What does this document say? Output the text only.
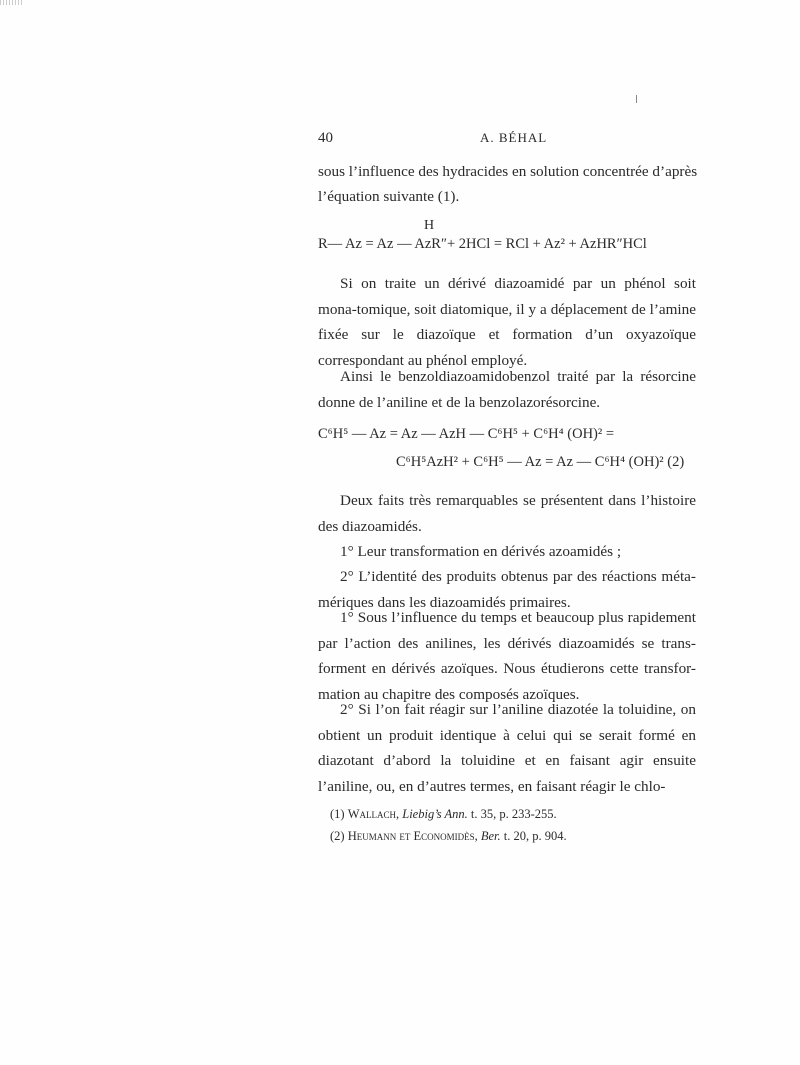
40	A. BÉHAL

sous l’influence des hydracides en solution concentrée d’après

l’équation suivante (1).

H
R— Az = Az — AzR″+ 2HCl = RCl + Az² + AzHR″HCl

Si on traite un dérivé diazoamidé par un phénol soit mona-tomique, soit diatomique, il y a déplacement de l’amine fixée sur le diazoïque et formation d’un oxyazoïque correspondant au phénol employé.

Ainsi le benzoldiazoamidobenzol traité par la résorcine donne de l’aniline et de la benzolazorésorcine.

C⁶H⁵ — Az = Az — AzH — C⁶H⁵ + C⁶H⁴ (OH)² =
C⁶H⁵AzH² + C⁶H⁵ — Az = Az — C⁶H⁴ (OH)² (2)

Deux faits très remarquables se présentent dans l’histoire des diazoamidés.

1° Leur transformation en dérivés azoamidés ;

2° L’identité des produits obtenus par des réactions méta-mériques dans les diazoamidés primaires.

1° Sous l’influence du temps et beaucoup plus rapidement par l’action des anilines, les dérivés diazoamidés se trans-forment en dérivés azoïques. Nous étudierons cette transfor-mation au chapitre des composés azoïques.

2° Si l’on fait réagir sur l’aniline diazotée la toluidine, on obtient un produit identique à celui qui se serait formé en diazotant d’abord la toluidine et en faisant agir ensuite l’aniline, ou, en d’autres termes, en faisant réagir le chlo-

(1) Wallach, Liebig’s Ann. t. 35, p. 233-255.

(2) Heumann et Economidès, Ber. t. 20, p. 904.
